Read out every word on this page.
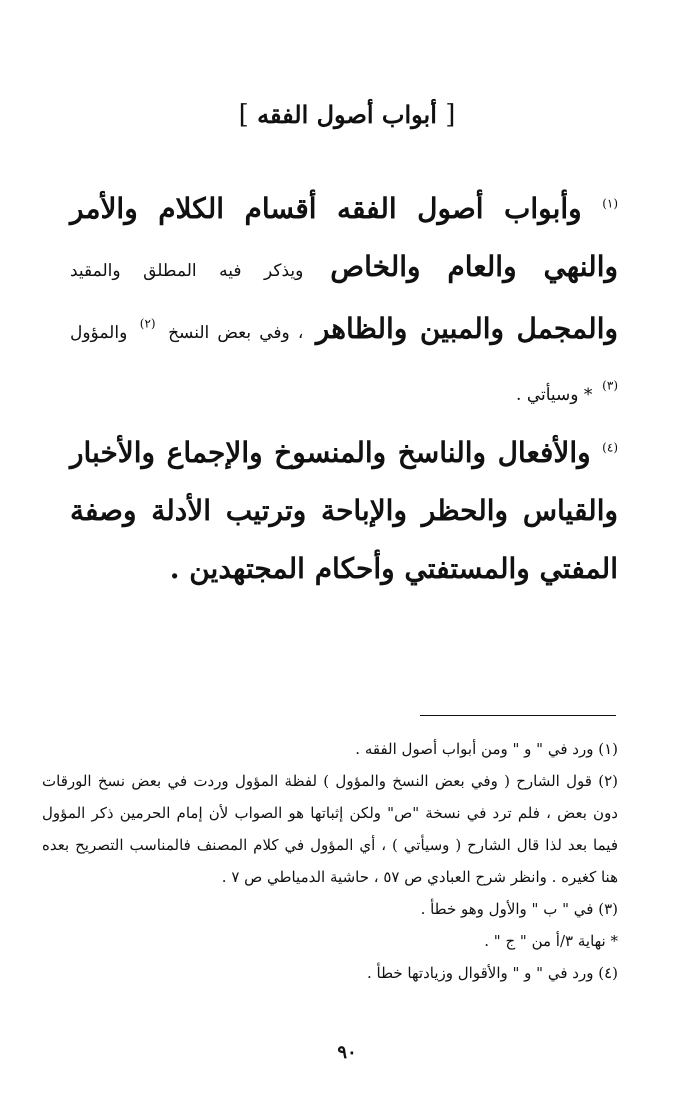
[ أبواب أصول الفقه ]

$^{(١)}$ وأبواب أصول الفقه أقسام الكلام والأمر والنهي والعام والخاص ويذكر فيه المطلق والمقيد والمجمل والمبين والظاهر ، وفي بعض النسخ $^{(٢)}$ والمؤول $^{(٣)}$ * وسيأتي .

$^{(٤)}$ والأفعال والناسخ والمنسوخ والإجماع والأخبار والقياس والحظر والإباحة وترتيب الأدلة وصفة المفتي والمستفتي وأحكام المجتهدين .

(١) ورد في " و " ومن أبواب أصول الفقه .

(٢) قول الشارح ( وفي بعض النسخ والمؤول ) لفظة المؤول وردت في بعض نسخ الورقات دون بعض ، فلم ترد في نسخة "ص" ولكن إثباتها هو الصواب لأن إمام الحرمين ذكر المؤول فيما بعد لذا قال الشارح ( وسيأتي ) ، أي المؤول في كلام المصنف فالمناسب التصريح بعده هنا كغيره . وانظر شرح العبادي ص ٥٧ ، حاشية الدمياطي ص ٧ .

(٣) في " ب " والأول وهو خطأ .

* نهاية ٣/أ من " ج " .

(٤) ورد في " و " والأقوال وزيادتها خطأ .

٩٠
